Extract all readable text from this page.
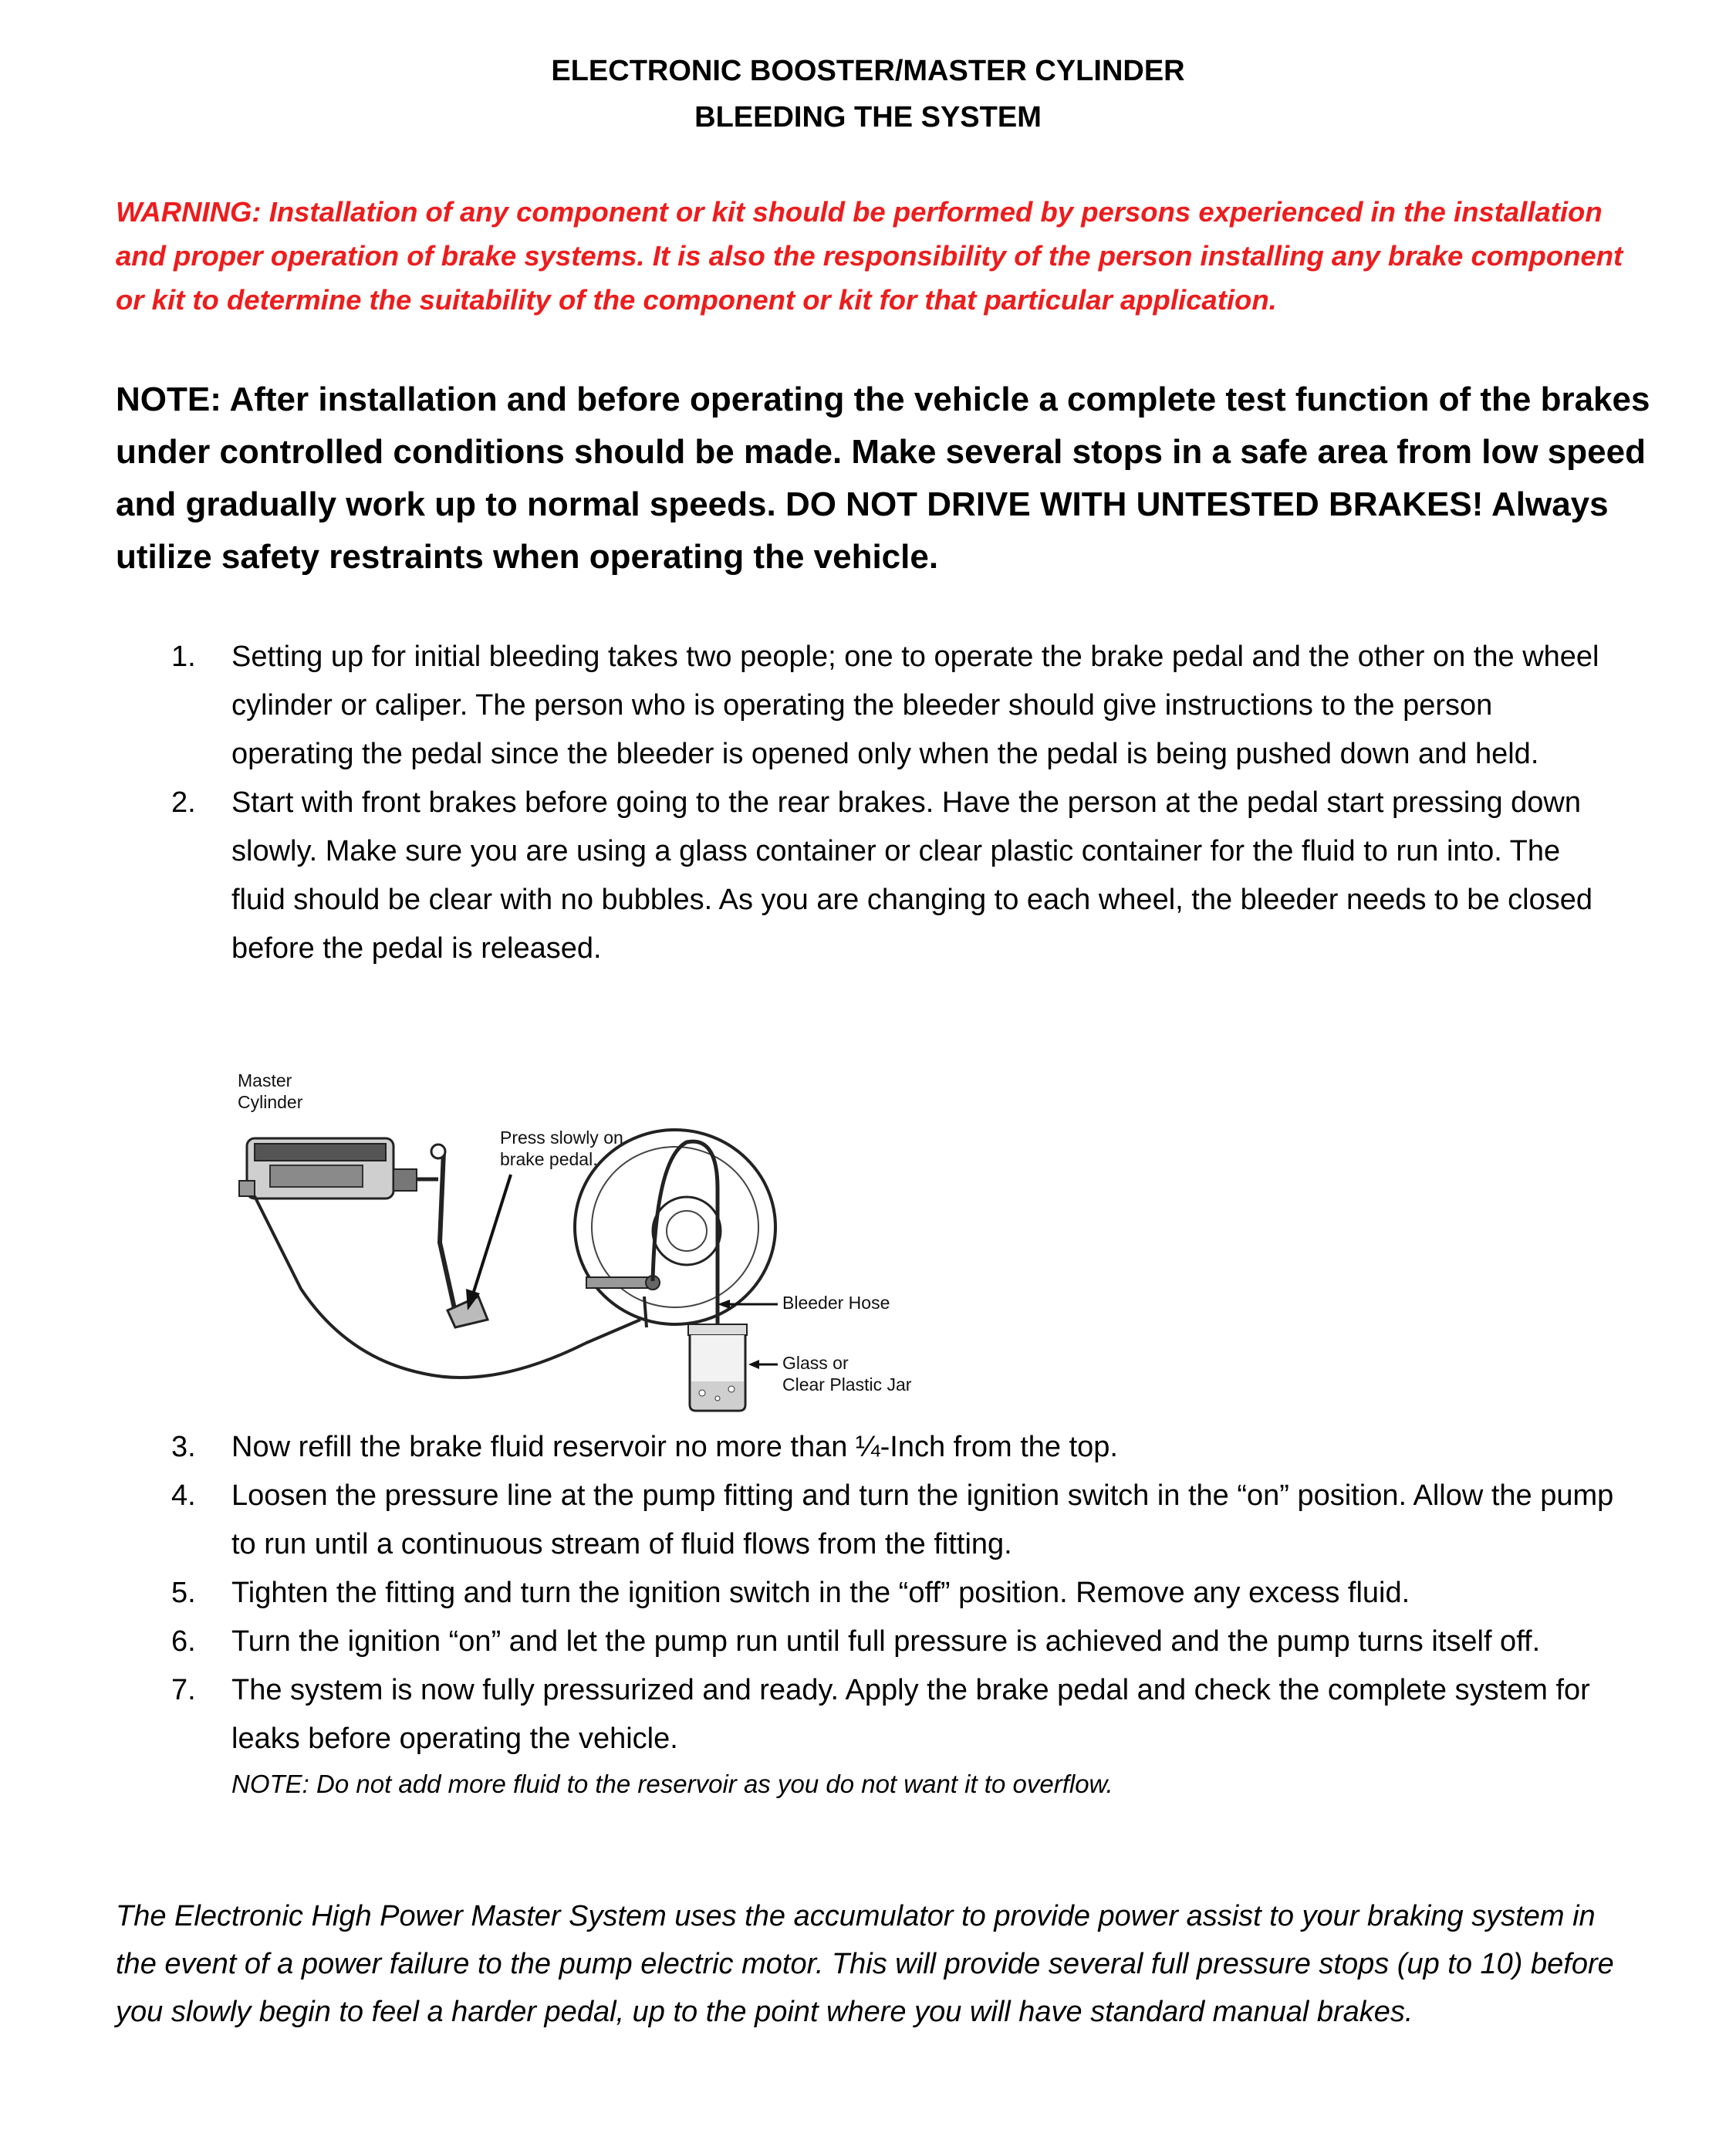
ELECTRONIC BOOSTER/MASTER CYLINDER
BLEEDING THE SYSTEM
WARNING: Installation of any component or kit should be performed by persons experienced in the installation and proper operation of brake systems. It is also the responsibility of the person installing any brake component or kit to determine the suitability of the component or kit for that particular application.
NOTE: After installation and before operating the vehicle a complete test function of the brakes under controlled conditions should be made. Make several stops in a safe area from low speed and gradually work up to normal speeds. DO NOT DRIVE WITH UNTESTED BRAKES! Always utilize safety restraints when operating the vehicle.
1. Setting up for initial bleeding takes two people; one to operate the brake pedal and the other on the wheel cylinder or caliper. The person who is operating the bleeder should give instructions to the person operating the pedal since the bleeder is opened only when the pedal is being pushed down and held.
2. Start with front brakes before going to the rear brakes. Have the person at the pedal start pressing down slowly. Make sure you are using a glass container or clear plastic container for the fluid to run into. The fluid should be clear with no bubbles. As you are changing to each wheel, the bleeder needs to be closed before the pedal is released.
Master
Cylinder
Press slowly on
brake pedal.
Bleeder Hose
Glass or
Clear Plastic Jar
3. Now refill the brake fluid reservoir no more than ¼-Inch from the top.
4. Loosen the pressure line at the pump fitting and turn the ignition switch in the “on” position. Allow the pump to run until a continuous stream of fluid flows from the fitting.
5. Tighten the fitting and turn the ignition switch in the “off” position. Remove any excess fluid.
6. Turn the ignition “on” and let the pump run until full pressure is achieved and the pump turns itself off.
7. The system is now fully pressurized and ready. Apply the brake pedal and check the complete system for leaks before operating the vehicle.
NOTE: Do not add more fluid to the reservoir as you do not want it to overflow.
The Electronic High Power Master System uses the accumulator to provide power assist to your braking system in the event of a power failure to the pump electric motor. This will provide several full pressure stops (up to 10) before you slowly begin to feel a harder pedal, up to the point where you will have standard manual brakes.
